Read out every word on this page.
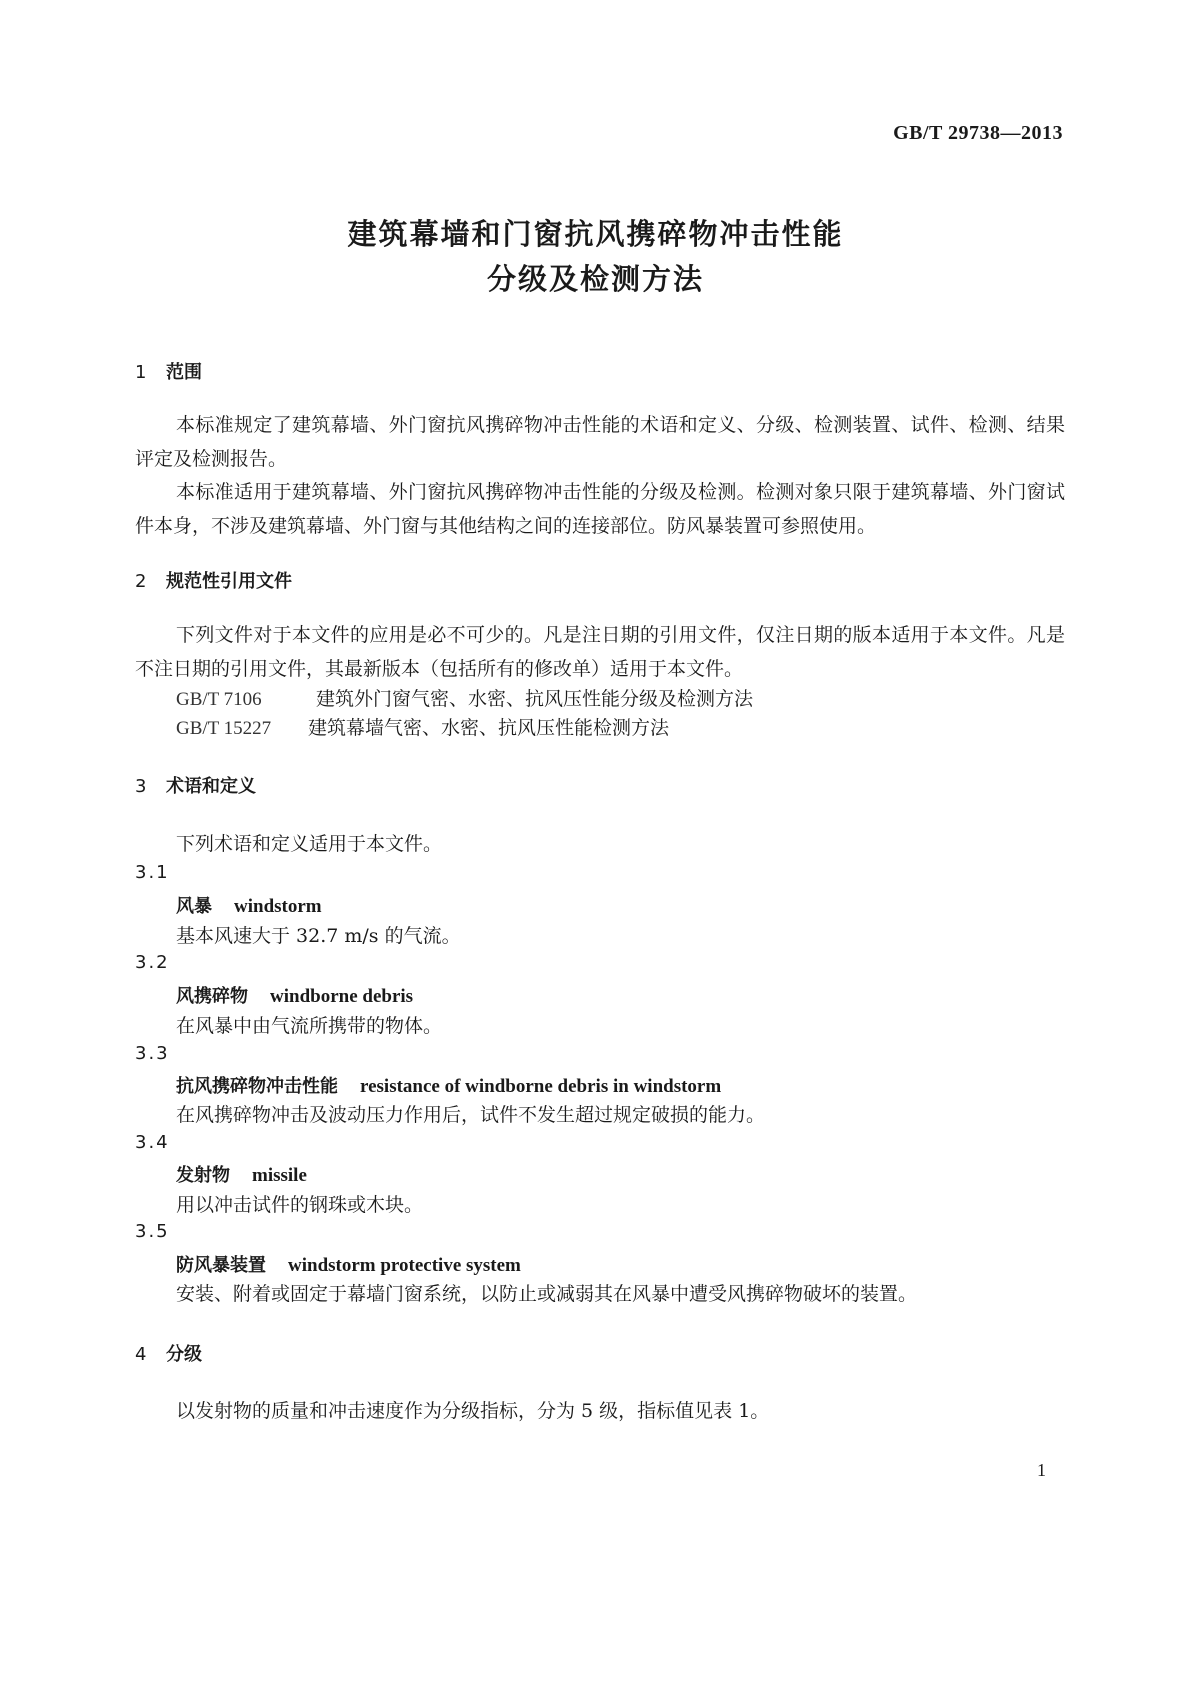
GB/T 29738—2013
建筑幕墙和门窗抗风携碎物冲击性能
分级及检测方法
1 范围
本标准规定了建筑幕墙、外门窗抗风携碎物冲击性能的术语和定义、分级、检测装置、试件、检测、结果评定及检测报告。
本标准适用于建筑幕墙、外门窗抗风携碎物冲击性能的分级及检测。检测对象只限于建筑幕墙、外门窗试件本身，不涉及建筑幕墙、外门窗与其他结构之间的连接部位。防风暴装置可参照使用。
2 规范性引用文件
下列文件对于本文件的应用是必不可少的。凡是注日期的引用文件，仅注日期的版本适用于本文件。凡是不注日期的引用文件，其最新版本（包括所有的修改单）适用于本文件。
GB/T 7106	建筑外门窗气密、水密、抗风压性能分级及检测方法
GB/T 15227 建筑幕墙气密、水密、抗风压性能检测方法
3 术语和定义
下列术语和定义适用于本文件。
3.1
风暴 windstorm
基本风速大于 32.7 m/s 的气流。
3.2
风携碎物 windborne debris
在风暴中由气流所携带的物体。
3.3
抗风携碎物冲击性能 resistance of windborne debris in windstorm
在风携碎物冲击及波动压力作用后，试件不发生超过规定破损的能力。
3.4
发射物 missile
用以冲击试件的钢珠或木块。
3.5
防风暴装置 windstorm protective system
安装、附着或固定于幕墙门窗系统，以防止或减弱其在风暴中遭受风携碎物破坏的装置。
4 分级
以发射物的质量和冲击速度作为分级指标，分为 5 级，指标值见表 1。
1
